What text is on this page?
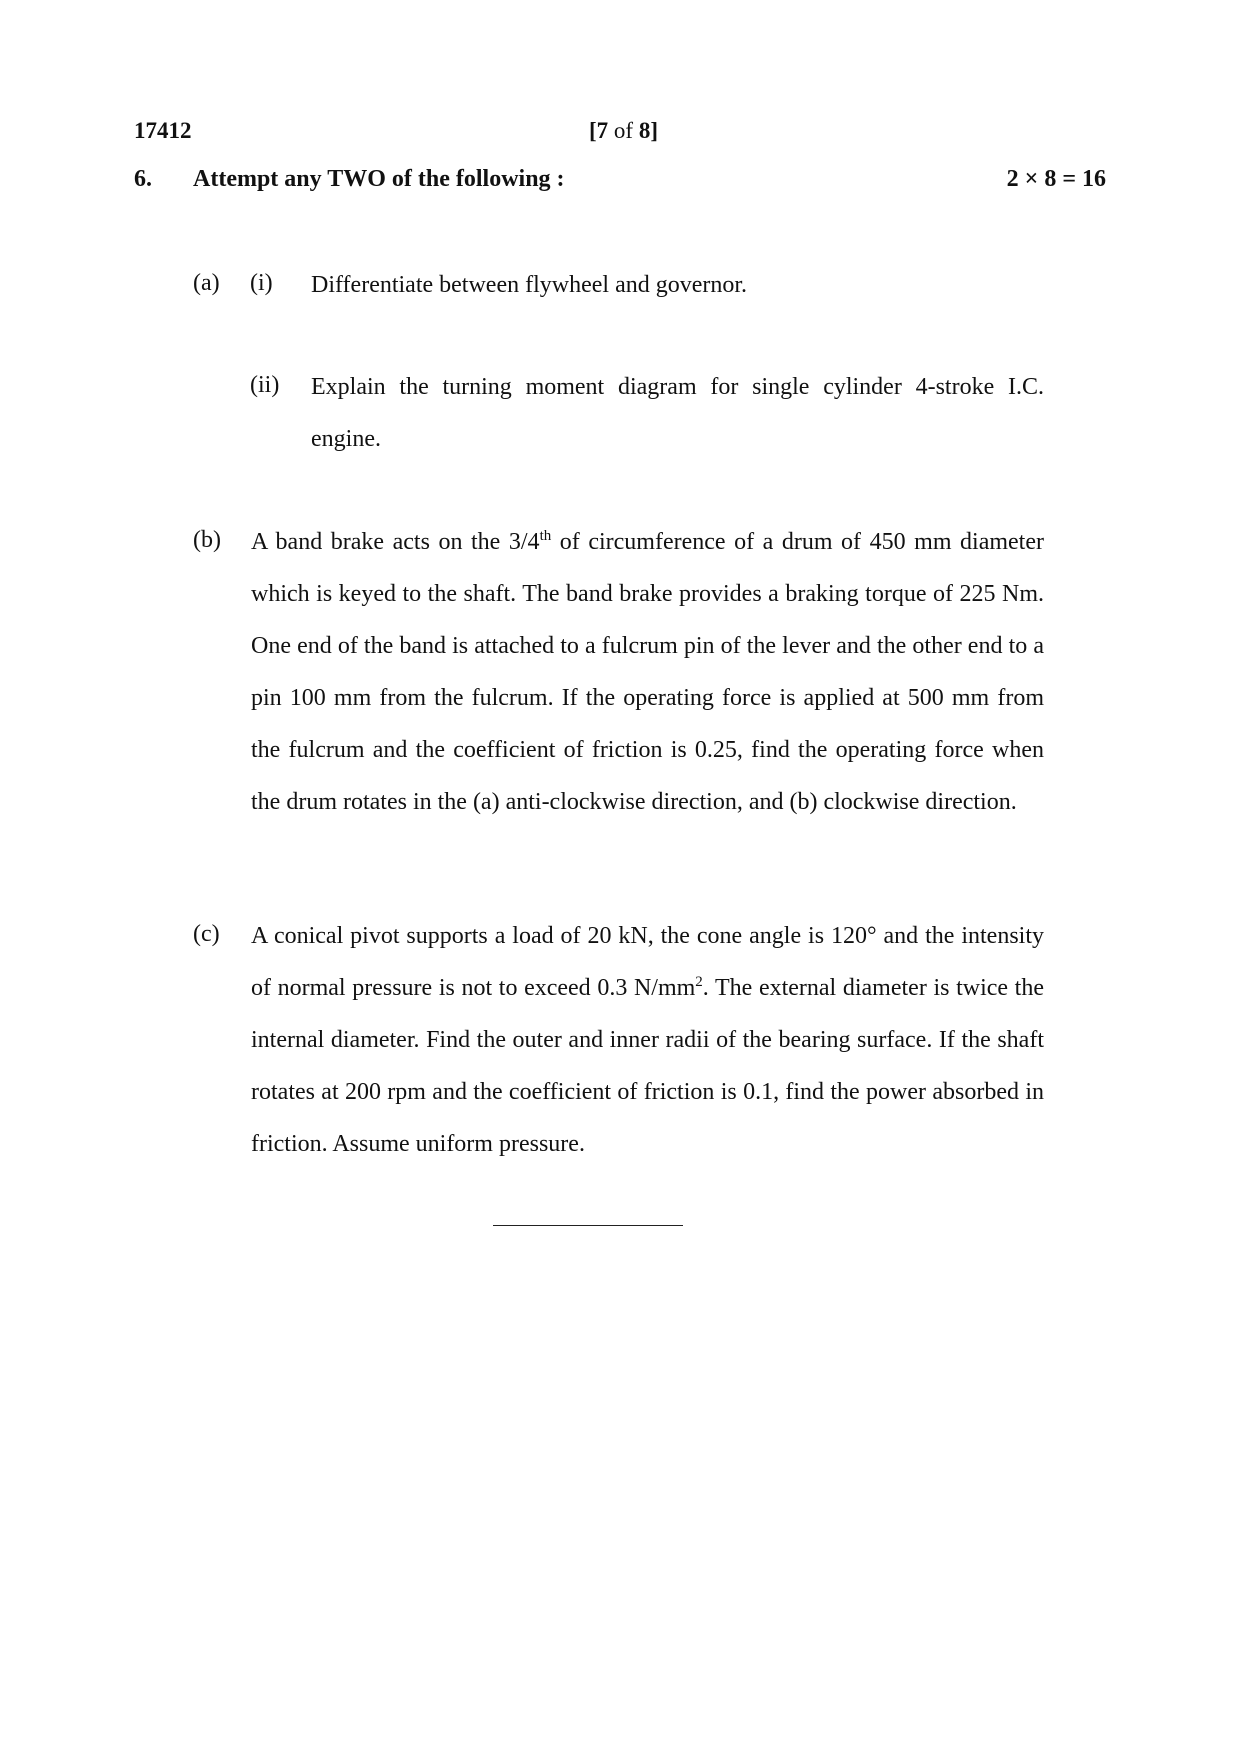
17412	[7 of 8]
6. Attempt any TWO of the following :	2 × 8 = 16
(a) (i) Differentiate between flywheel and governor.
(ii) Explain the turning moment diagram for single cylinder 4-stroke I.C. engine.
(b) A band brake acts on the 3/4th of circumference of a drum of 450 mm diameter which is keyed to the shaft. The band brake provides a braking torque of 225 Nm. One end of the band is attached to a fulcrum pin of the lever and the other end to a pin 100 mm from the fulcrum. If the operating force is applied at 500 mm from the fulcrum and the coefficient of friction is 0.25, find the operating force when the drum rotates in the (a) anti-clockwise direction, and (b) clockwise direction.
(c) A conical pivot supports a load of 20 kN, the cone angle is 120° and the intensity of normal pressure is not to exceed 0.3 $N/mm^2$. The external diameter is twice the internal diameter. Find the outer and inner radii of the bearing surface. If the shaft rotates at 200 rpm and the coefficient of friction is 0.1, find the power absorbed in friction. Assume uniform pressure.
